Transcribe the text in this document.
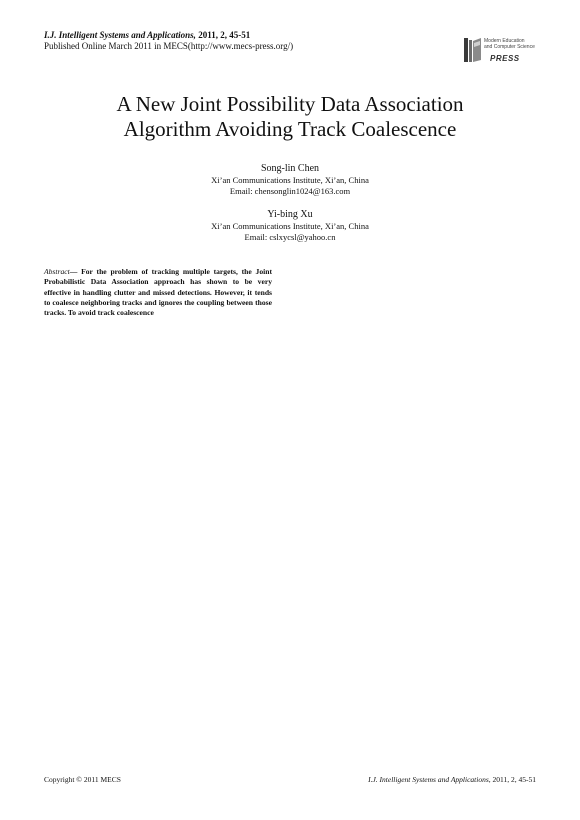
I.J. Intelligent Systems and Applications, 2011, 2, 45-51
Published Online March 2011 in MECS(http://www.mecs-press.org/)	Modern Education
and Computer Science
PRESS
A New Joint Possibility Data Association
Algorithm Avoiding Track Coalescence
Song-lin Chen
Xi’an Communications Institute, Xi’an, China
Email: chensonglin1024@163.com
Yi-bing Xu
Xi’an Communications Institute, Xi’an, China
Email: cslxycsl@yahoo.cn
Abstract— For the problem of tracking multiple targets, the Joint Probabilistic Data Association approach has shown to be very effective in handling clutter and missed detections. However, it tends to coalesce neighboring tracks and ignores the coupling between those tracks. To avoid track coalescence
Copyright © 2011 MECS	I.J. Intelligent Systems and Applications, 2011, 2, 45-51
